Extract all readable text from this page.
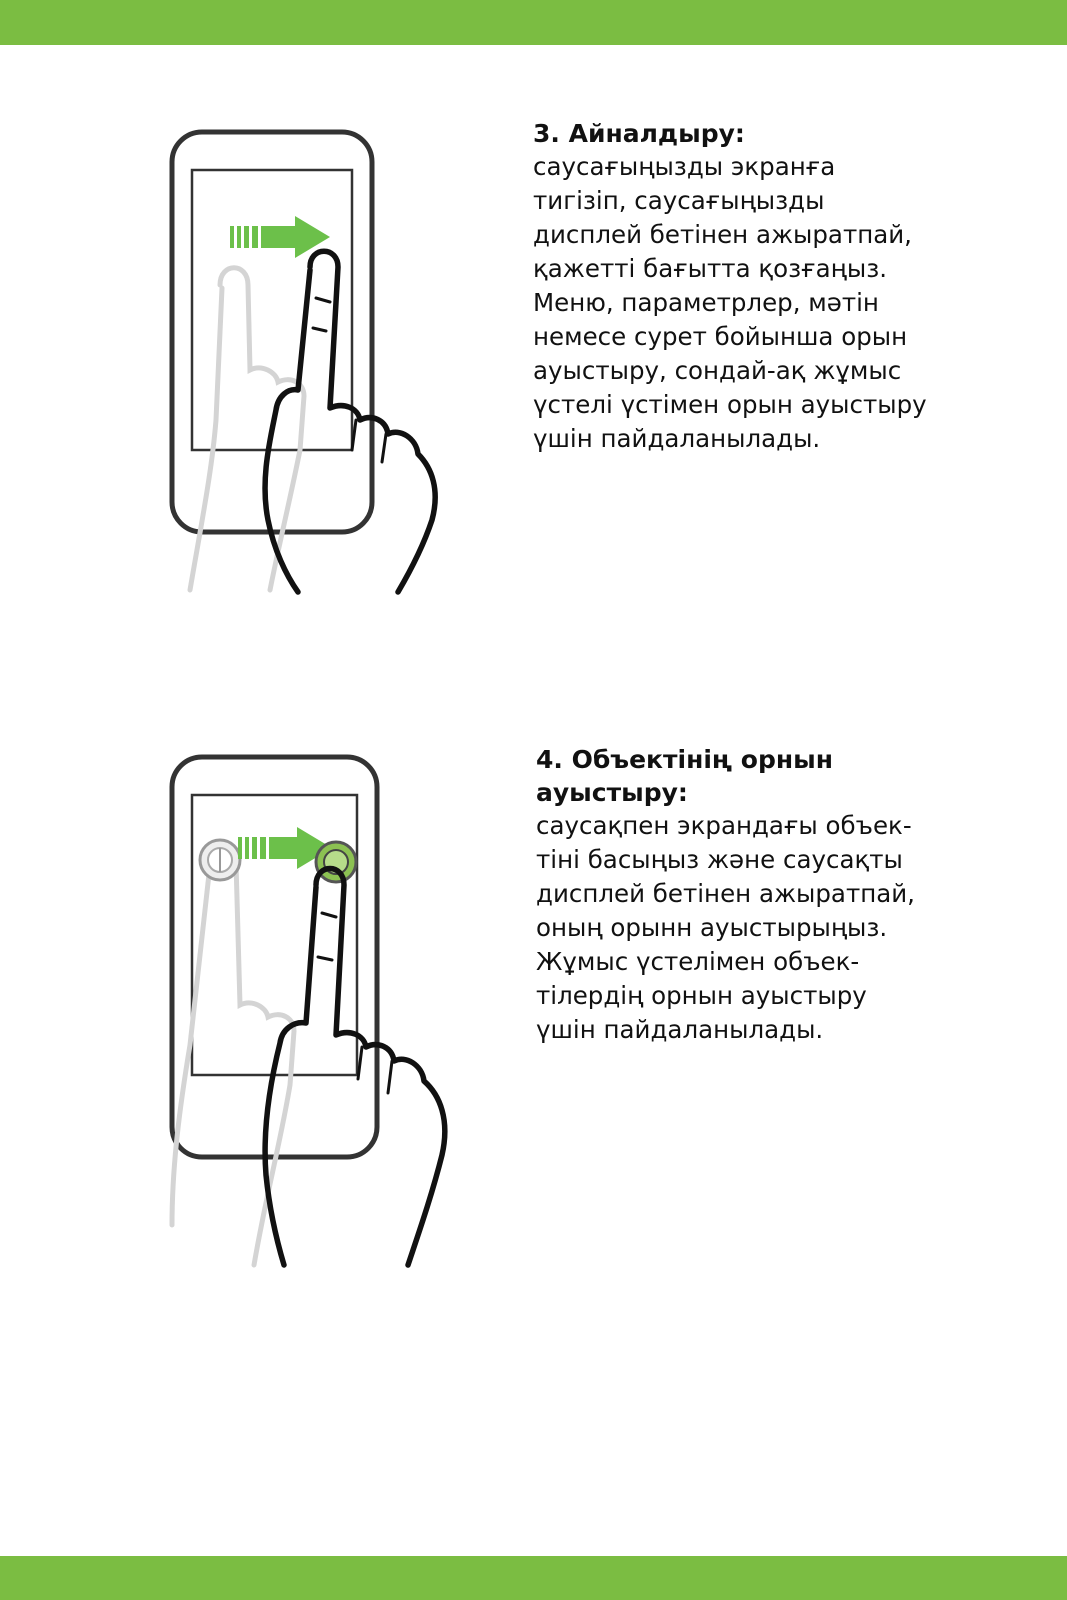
3. Айналдыру:
саусағыңызды экранға
тигізіп, саусағыңызды
дисплей бетінен ажыратпай,
қажетті бағытта қозғаңыз.
Меню, параметрлер, мәтін
немесе сурет бойынша орын
ауыстыру, сондай-ақ жұмыс
үстелі үстімен орын ауыстыру
үшін пайдаланылады.
4. Объектінің орнын
ауыстыру:
саусақпен экрандағы объек-
тіні басыңыз және саусақты
дисплей бетінен ажыратпай,
оның орынн ауыстырыңыз.
Жұмыс үстелімен объек-
тілердің орнын ауыстыру
үшін пайдаланылады.
